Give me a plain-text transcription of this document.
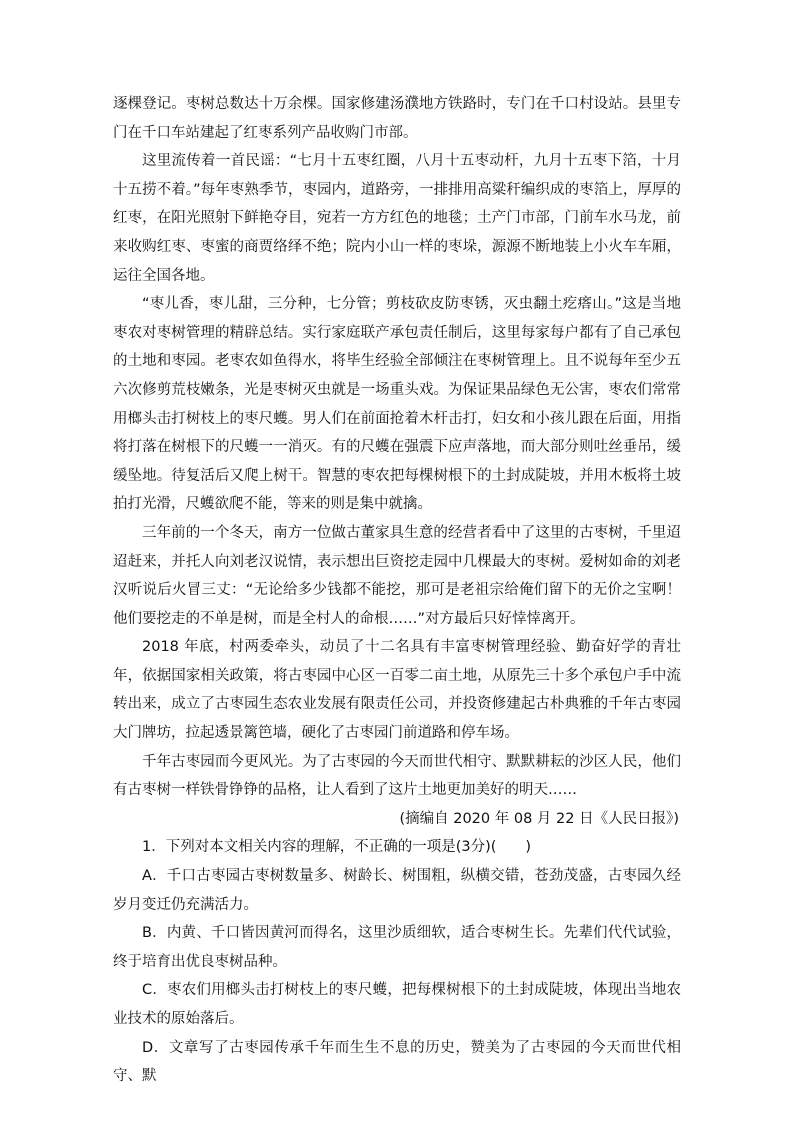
逐棵登记。枣树总数达十万余棵。国家修建汤濮地方铁路时，专门在千口村设站。县里专门在千口车站建起了红枣系列产品收购门市部。

这里流传着一首民谣：“七月十五枣红圈，八月十五枣动杆，九月十五枣下箔，十月十五捞不着。”每年枣熟季节，枣园内，道路旁，一排排用高粱秆编织成的枣箔上，厚厚的红枣，在阳光照射下鲜艳夺目，宛若一方方红色的地毯；土产门市部，门前车水马龙，前来收购红枣、枣蜜的商贾络绎不绝；院内小山一样的枣垛，源源不断地装上小火车车厢，运往全国各地。

“枣儿香，枣儿甜，三分种，七分管；剪枝砍皮防枣锈，灭虫翻土疙瘩山。”这是当地枣农对枣树管理的精辟总结。实行家庭联产承包责任制后，这里每家每户都有了自己承包的土地和枣园。老枣农如鱼得水，将毕生经验全部倾注在枣树管理上。且不说每年至少五六次修剪荒枝嫩条，光是枣树灭虫就是一场重头戏。为保证果品绿色无公害，枣农们常常用榔头击打树枝上的枣尺蠖。男人们在前面抢着木杆击打，妇女和小孩儿跟在后面，用指将打落在树根下的尺蠖一一消灭。有的尺蠖在强震下应声落地，而大部分则吐丝垂吊，缓缓坠地。待复活后又爬上树干。智慧的枣农把每棵树根下的土封成陡坡，并用木板将土坡拍打光滑，尺蠖欲爬不能，等来的则是集中就擒。

三年前的一个冬天，南方一位做古董家具生意的经营者看中了这里的古枣树，千里迢迢赶来，并托人向刘老汉说情，表示想出巨资挖走园中几棵最大的枣树。爱树如命的刘老汉听说后火冒三丈：“无论给多少钱都不能挖，那可是老祖宗给俺们留下的无价之宝啊！他们要挖走的不单是树，而是全村人的命根……”对方最后只好悻悻离开。

2018 年底，村两委牵头，动员了十二名具有丰富枣树管理经验、勤奋好学的青壮年，依据国家相关政策，将古枣园中心区一百零二亩土地，从原先三十多个承包户手中流转出来，成立了古枣园生态农业发展有限责任公司，并投资修建起古朴典雅的千年古枣园大门牌坊，拉起透景篱笆墙，硬化了古枣园门前道路和停车场。

千年古枣园而今更风光。为了古枣园的今天而世代相守、默默耕耘的沙区人民，他们有古枣树一样铁骨铮铮的品格，让人看到了这片土地更加美好的明天……

(摘编自 2020 年 08 月 22 日《人民日报》)

1．下列对本文相关内容的理解，不正确的一项是(3分)(　　)

A．千口古枣园古枣树数量多、树龄长、树围粗，纵横交错，苍劲茂盛，古枣园久经岁月变迁仍充满活力。

B．内黄、千口皆因黄河而得名，这里沙质细软，适合枣树生长。先辈们代代试验，终于培育出优良枣树品种。

C．枣农们用榔头击打树枝上的枣尺蠖，把每棵树根下的土封成陡坡，体现出当地农业技术的原始落后。

D．文章写了古枣园传承千年而生生不息的历史，赞美为了古枣园的今天而世代相守、默
